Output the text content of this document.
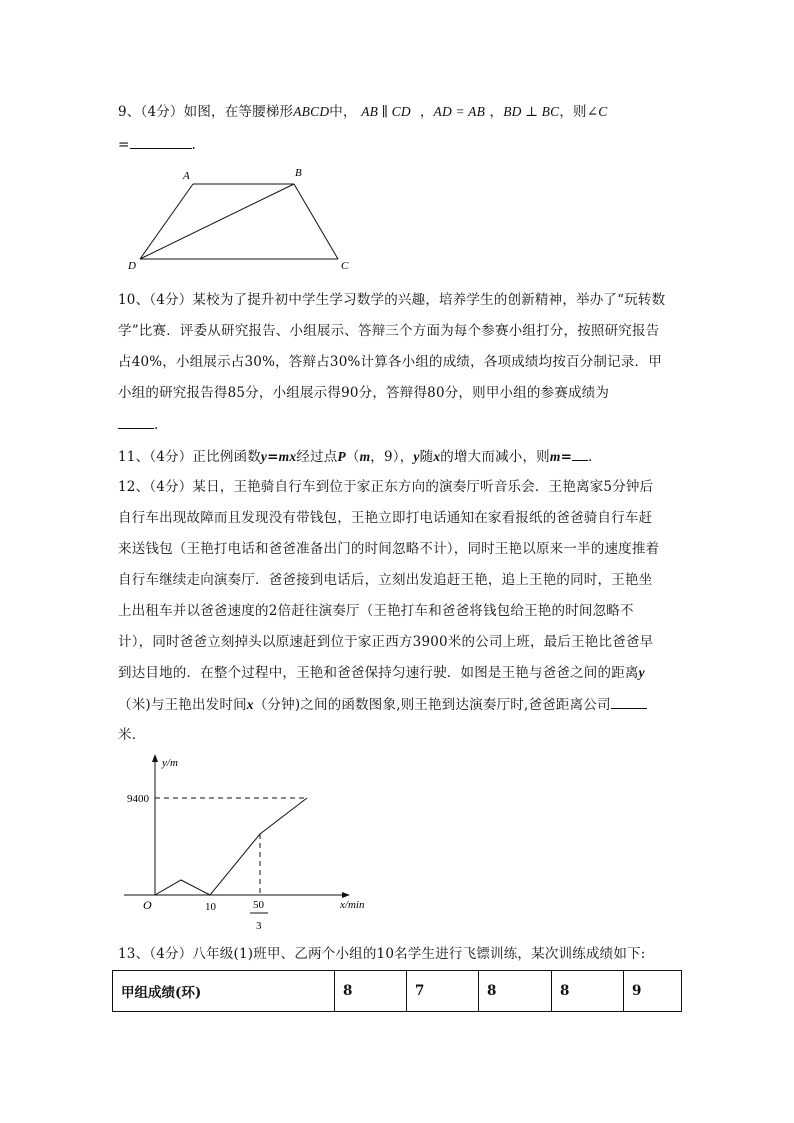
9、（4分）如图，在等腰梯形ABCD中， AB ∥ CD ，AD = AB ，BD ⊥ BC，则∠C
=	.
A	B
D	C
10、（4分）某校为了提升初中学生学习数学的兴趣，培养学生的创新精神，举办了“玩转数
学”比赛．评委从研究报告、小组展示、答辩三个方面为每个参赛小组打分，按照研究报告
占40%，小组展示占30%，答辩占30%计算各小组的成绩，各项成绩均按百分制记录．甲
小组的研究报告得85分，小组展示得90分，答辩得80分，则甲小组的参赛成绩为
.
11、（4分）正比例函数y=mx经过点P（m，9），y随x的增大而减小，则m= ．
12、（4分）某日，王艳骑自行车到位于家正东方向的演奏厅听音乐会．王艳离家5分钟后
自行车出现故障而且发现没有带钱包，王艳立即打电话通知在家看报纸的爸爸骑自行车赶
来送钱包（王艳打电话和爸爸准备出门的时间忽略不计），同时王艳以原来一半的速度推着
自行车继续走向演奏厅．爸爸接到电话后，立刻出发追赶王艳，追上王艳的同时，王艳坐
上出租车并以爸爸速度的2倍赶往演奏厅（王艳打车和爸爸将钱包给王艳的时间忽略不
计），同时爸爸立刻掉头以原速赶到位于家正西方3900米的公司上班，最后王艳比爸爸早
到达目地的．在整个过程中，王艳和爸爸保持匀速行驶．如图是王艳与爸爸之间的距离y
（米)与王艳出发时间x（分钟)之间的函数图象,则王艳到达演奏厅时,爸爸距离公司
米．
y/m
x/min
O
9400
10	50
3
13、（4分）八年级(1)班甲、乙两个小组的10名学生进行飞镖训练，某次训练成绩如下:
甲组成绩(环)	8	7	8	8	9
